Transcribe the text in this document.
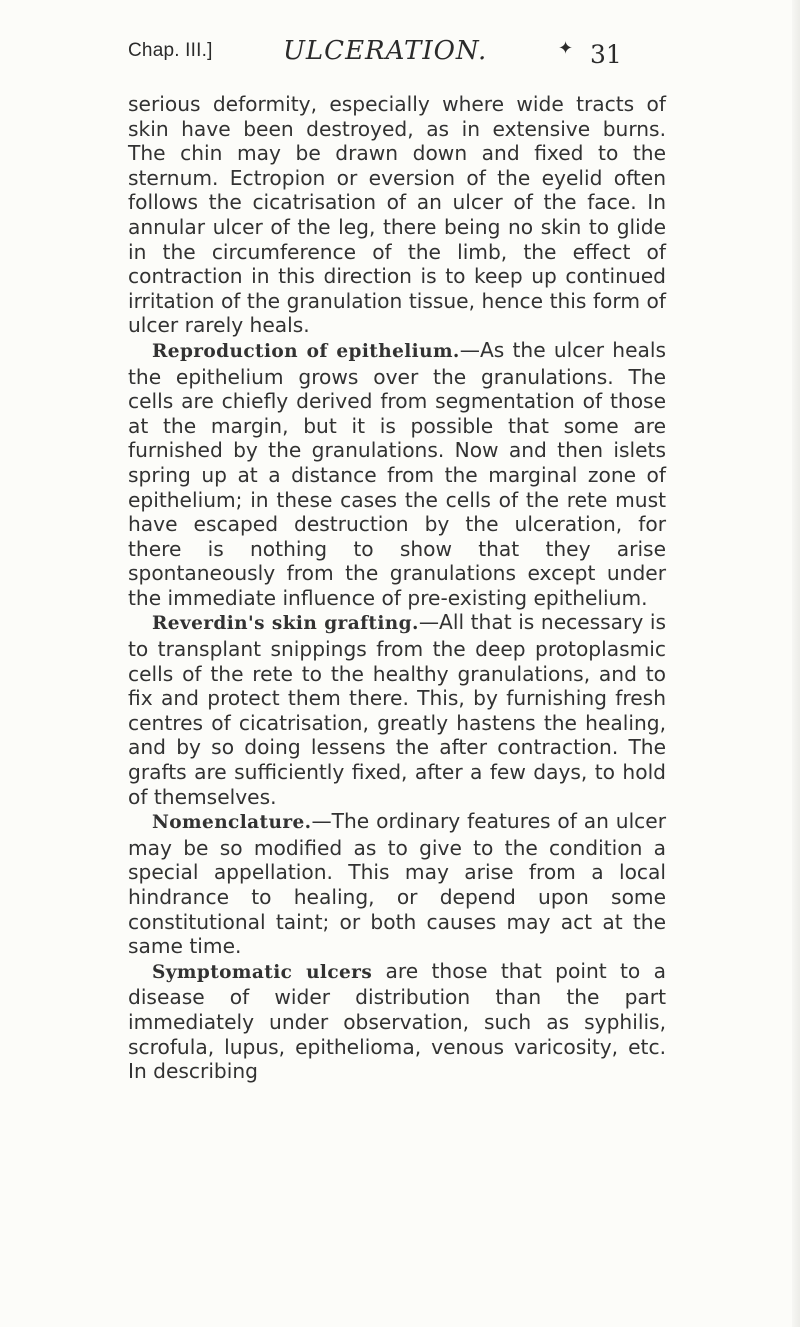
Chap. III.]	ULCERATION.	✦ 31

serious deformity, especially where wide tracts of skin have been destroyed, as in extensive burns. The chin may be drawn down and fixed to the sternum. Ectropion or eversion of the eyelid often follows the cicatrisation of an ulcer of the face. In annular ulcer of the leg, there being no skin to glide in the circumference of the limb, the effect of contraction in this direction is to keep up continued irritation of the granulation tissue, hence this form of ulcer rarely heals.

Reproduction of epithelium.—As the ulcer heals the epithelium grows over the granulations. The cells are chiefly derived from segmentation of those at the margin, but it is possible that some are furnished by the granulations. Now and then islets spring up at a distance from the marginal zone of epithelium; in these cases the cells of the rete must have escaped destruction by the ulceration, for there is nothing to show that they arise spontaneously from the granulations except under the immediate influence of pre-existing epithelium.

Reverdin's skin grafting.—All that is necessary is to transplant snippings from the deep protoplasmic cells of the rete to the healthy granulations, and to fix and protect them there. This, by furnishing fresh centres of cicatrisation, greatly hastens the healing, and by so doing lessens the after contraction. The grafts are sufficiently fixed, after a few days, to hold of themselves.

Nomenclature.—The ordinary features of an ulcer may be so modified as to give to the condition a special appellation. This may arise from a local hindrance to healing, or depend upon some constitutional taint; or both causes may act at the same time.

Symptomatic ulcers are those that point to a disease of wider distribution than the part immediately under observation, such as syphilis, scrofula, lupus, epithelioma, venous varicosity, etc. In describing
